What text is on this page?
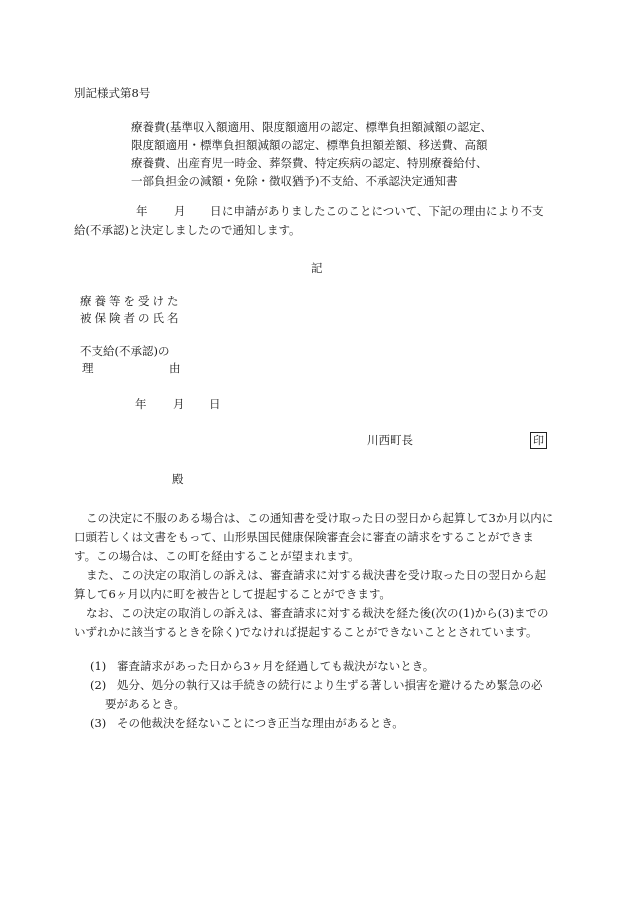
別記様式第8号
療養費(基準収入額適用、限度額適用の認定、標準負担額減額の認定、
限度額適用・標準負担額減額の認定、標準負担額差額、移送費、高額
療養費、出産育児一時金、葬祭費、特定疾病の認定、特別療養給付、
一部負担金の減額・免除・徴収猶予)不支給、不承認決定通知書
年 月 日 に申請がありましたこのことについて、下記の理由により不支
給(不承認)と決定しましたので通知します。
記
療養等を受けた
被保険者の氏名
不支給(不承認)の
理	由
年 月 日
川西町長	印
殿

この決定に不服のある場合は、この通知書を受け取った日の翌日から起算して3か月以内に口頭若しくは文書をもって、山形県国民健康保険審査会に審査の請求をすることができます。この場合は、この町を経由することが望まれます。

また、この決定の取消しの訴えは、審査請求に対する裁決書を受け取った日の翌日から起算して6ヶ月以内に町を被告として提起することができます。

なお、この決定の取消しの訴えは、審査請求に対する裁決を経た後(次の(1)から(3)までのいずれかに該当するときを除く)でなければ提起することができないこととされています。

(1) 審査請求があった日から3ヶ月を経過しても裁決がないとき。
(2) 処分、処分の執行又は手続きの続行により生ずる著しい損害を避けるため緊急の必
要があるとき。
(3) その他裁決を経ないことにつき正当な理由があるとき。
